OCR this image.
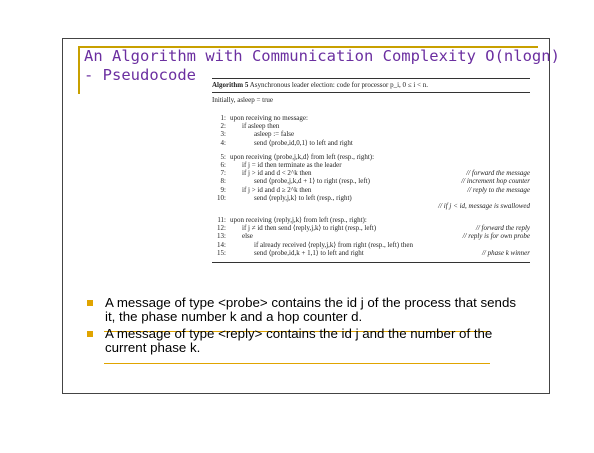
An Algorithm with Communication Complexity O(nlogn)
- Pseudocode
Algorithm 5 Asynchronous leader election: code for processor p_i, 0 ≤ i < n.
Initially, asleep = true
1: upon receiving no message:
2:	if asleep then
3:	asleep := false
4:	send ⟨probe,id,0,1⟩ to left and right
5: upon receiving ⟨probe,j,k,d⟩ from left (resp., right):
6:	if j = id then terminate as the leader
7:	if j > id and d < 2^k then	// forward the message
8:	send ⟨probe,j,k,d + 1⟩ to right (resp., left)	// increment hop counter
9:	if j > id and d ≥ 2^k then	// reply to the message
10:	send ⟨reply,j,k⟩ to left (resp., right)
// if j < id, message is swallowed
11: upon receiving ⟨reply,j,k⟩ from left (resp., right):
12:	if j ≠ id then send ⟨reply,j,k⟩ to right (resp., left)	// forward the reply
13:	else	// reply is for own probe
14:	if already received ⟨reply,j,k⟩ from right (resp., left) then
15:	send ⟨probe,id,k + 1,1⟩ to left and right	// phase k winner
A message of type <probe> contains the id j of the process that sends it, the phase number k and a hop counter d.
A message of type <reply> contains the id j and the number of the current phase k.
